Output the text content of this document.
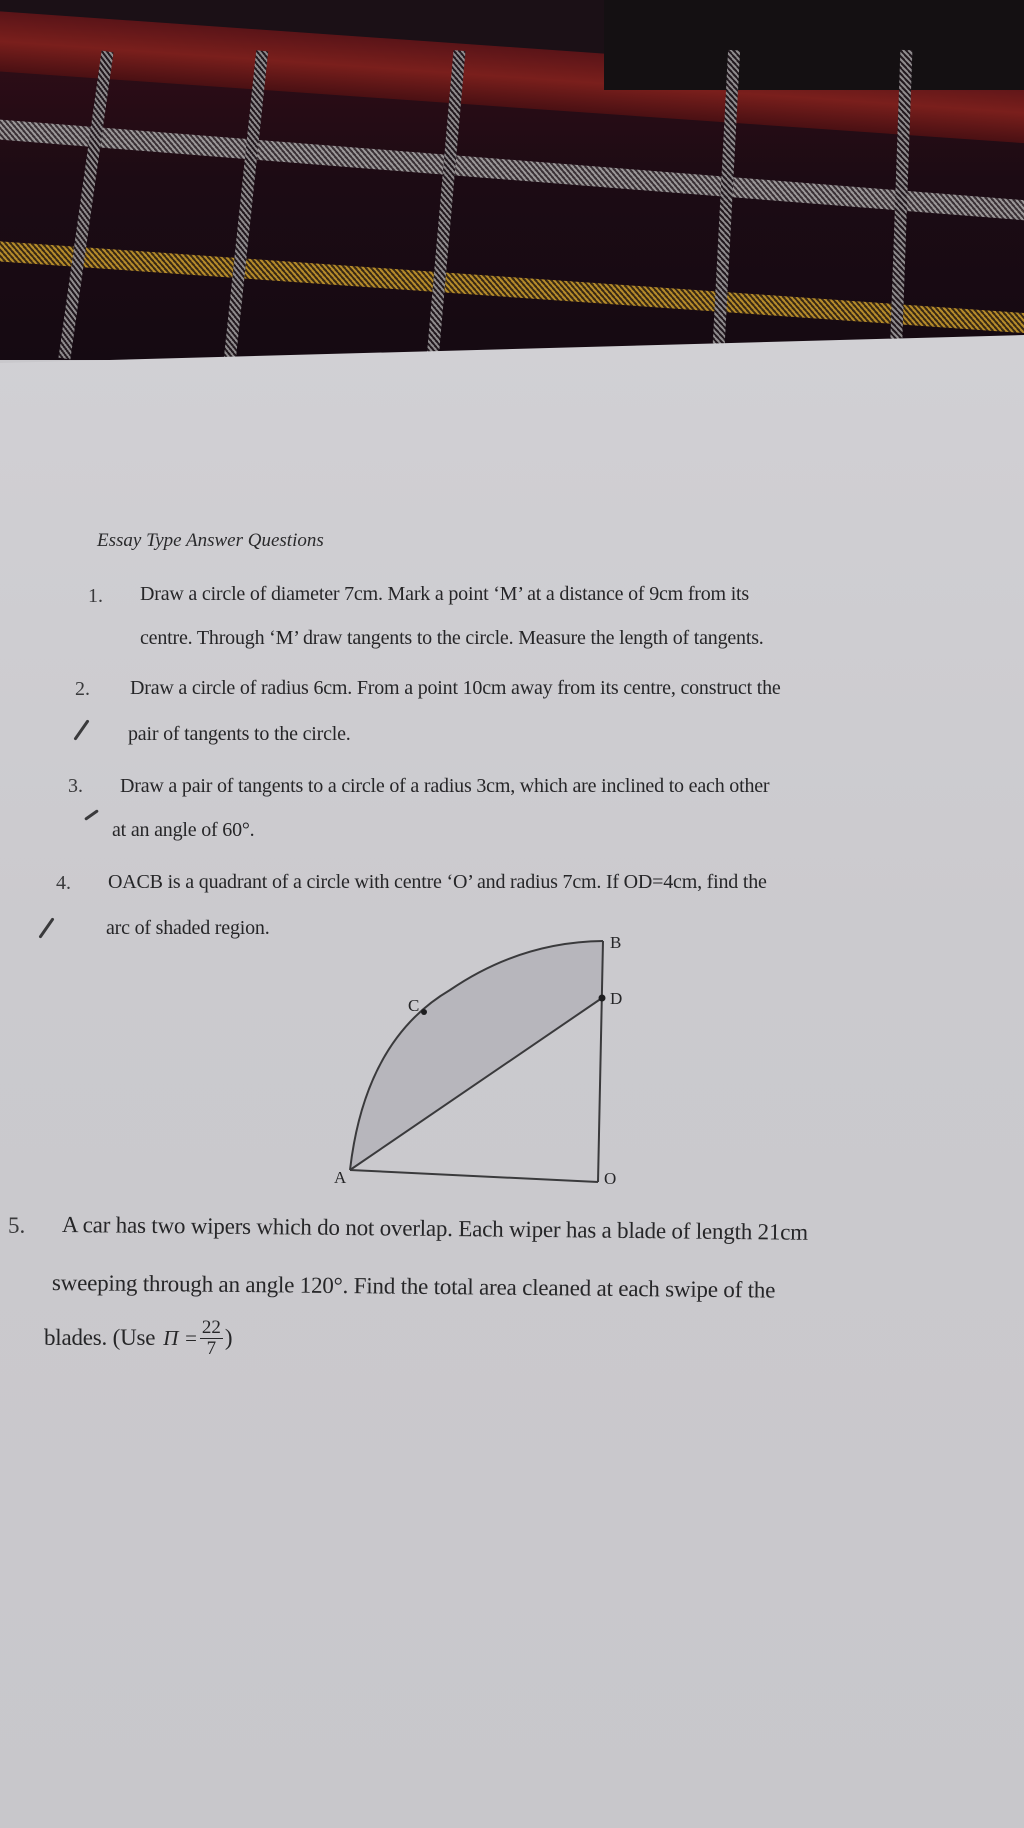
Essay Type Answer Questions
1. Draw a circle of diameter 7cm. Mark a point ‘M’ at a distance of 9cm from its
centre. Through ‘M’ draw tangents to the circle. Measure the length of tangents.
2. Draw a circle of radius 6cm. From a point 10cm away from its centre, construct the
pair of tangents to the circle.
3. Draw a pair of tangents to a circle of a radius 3cm, which are inclined to each other
at an angle of 60°.
4. OACB is a quadrant of a circle with centre ‘O’ and radius 7cm. If OD=4cm, find the
arc of shaded region.
B
D
C
A	O
5. A car has two wipers which do not overlap. Each wiper has a blade of length 21cm
sweeping through an angle 120°. Find the total area cleaned at each swipe of the
blades. (Use $\Pi = \frac{22}{7}$ )
